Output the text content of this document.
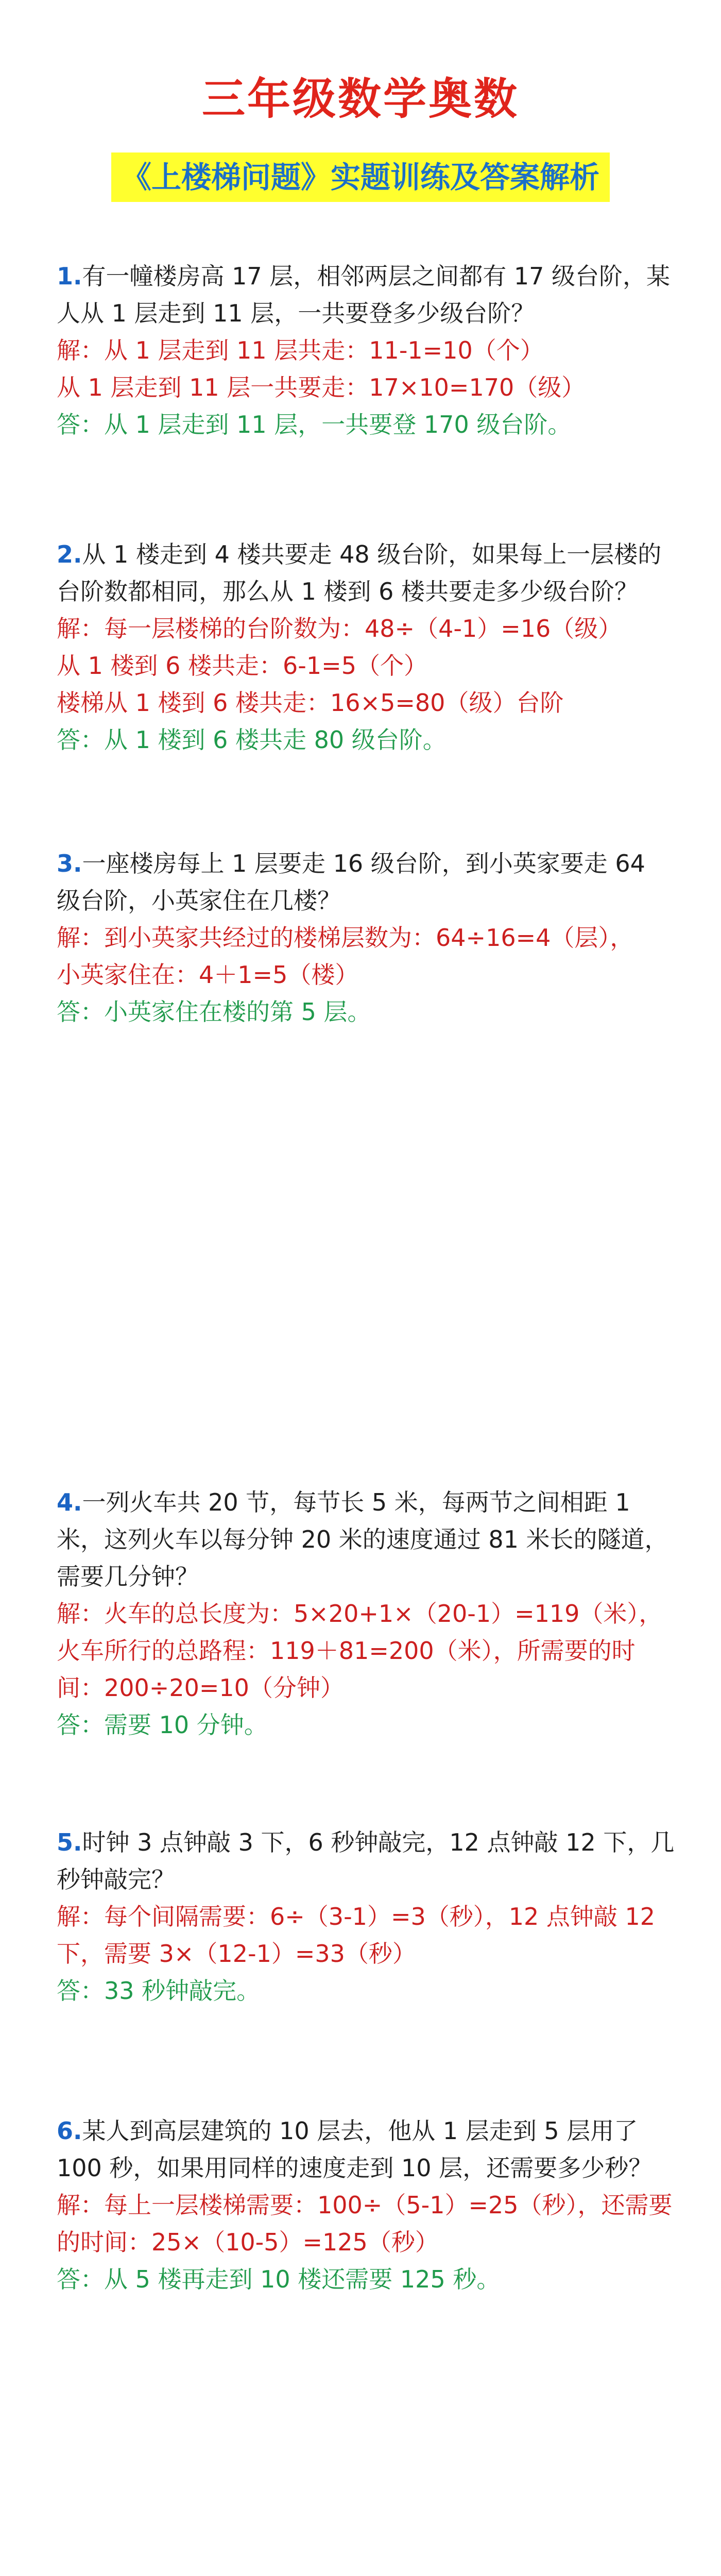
三年级数学奥数
《上楼梯问题》实题训练及答案解析

1.有一幢楼房高 17 层，相邻两层之间都有 17 级台阶，某人从 1 层走到 11 层，一共要登多少级台阶？

解：从 1 层走到 11 层共走：11-1=10（个）

从 1 层走到 11 层一共要走：17×10=170（级）

答：从 1 层走到 11 层，一共要登 170 级台阶。

2.从 1 楼走到 4 楼共要走 48 级台阶，如果每上一层楼的台阶数都相同，那么从 1 楼到 6 楼共要走多少级台阶？

解：每一层楼梯的台阶数为：48÷（4-1）=16（级）

从 1 楼到 6 楼共走：6-1=5（个）

楼梯从 1 楼到 6 楼共走：16×5=80（级）台阶

答：从 1 楼到 6 楼共走 80 级台阶。

3.一座楼房每上 1 层要走 16 级台阶，到小英家要走 64 级台阶，小英家住在几楼？

解：到小英家共经过的楼梯层数为：64÷16=4（层），

小英家住在：4＋1=5（楼）

答：小英家住在楼的第 5 层。

4.一列火车共 20 节，每节长 5 米，每两节之间相距 1 米，这列火车以每分钟 20 米的速度通过 81 米长的隧道，需要几分钟？

解：火车的总长度为：5×20+1×（20-1）=119（米），火车所行的总路程：119＋81=200（米），所需要的时间：200÷20=10（分钟）

答：需要 10 分钟。

5.时钟 3 点钟敲 3 下，6 秒钟敲完，12 点钟敲 12 下，几秒钟敲完？

解：每个间隔需要：6÷（3-1）=3（秒），12 点钟敲 12 下，需要 3×（12-1）=33（秒）

答：33 秒钟敲完。

6.某人到高层建筑的 10 层去，他从 1 层走到 5 层用了 100 秒，如果用同样的速度走到 10 层，还需要多少秒？

解：每上一层楼梯需要：100÷（5-1）=25（秒），还需要的时间：25×（10-5）=125（秒）

答：从 5 楼再走到 10 楼还需要 125 秒。
